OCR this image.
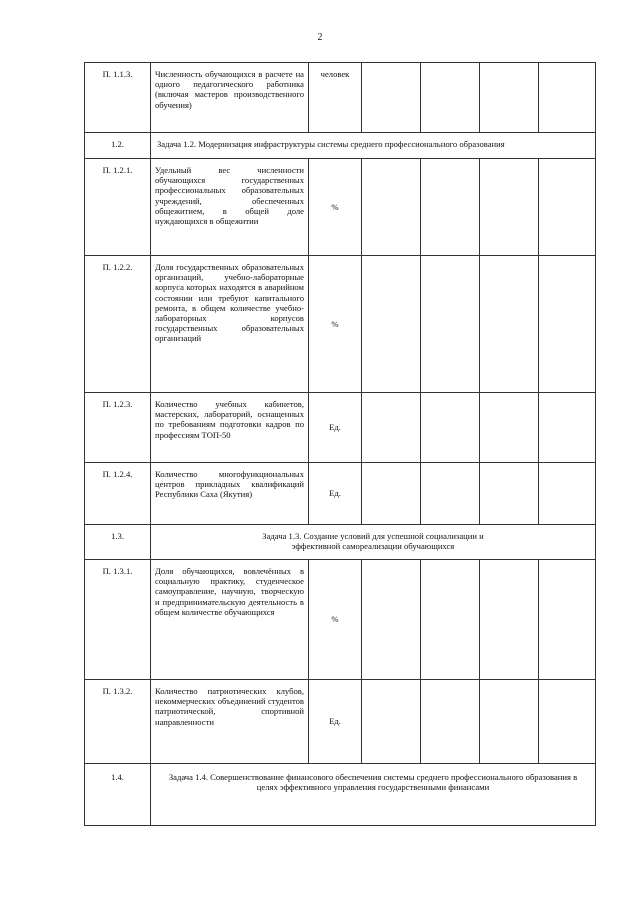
2
П. 1.1.3.	Численность обучающихся в расчете на одного педагогического работника (включая мастеров производственного обучения)	человек				
1.2.	Задача 1.2. Модернизация инфраструктуры системы среднего профессионального образования					
П. 1.2.1.	Удельный вес численности обучающихся государственных профессиональных образовательных учреждений, обеспеченных общежитием, в общей доле нуждающихся в общежитии	%				
П. 1.2.2.	Доля государственных образовательных организаций, учебно-лабораторные корпуса которых находятся в аварийном состоянии или требуют капитального ремонта, в общем количестве учебно-лабораторных корпусов государственных образовательных организаций	%				
П. 1.2.3.	Количество учебных кабинетов, мастерских, лабораторий, оснащенных по требованиям подготовки кадров по профессиям ТОП-50	Ед.				
П. 1.2.4.	Количество многофункциональных центров прикладных квалификаций Республики Саха (Якутия)	Ед.				
1.3.	Задача 1.3. Создание условий для успешной социализации и эффективной самореализации обучающихся					
П. 1.3.1.	Доля обучающихся, вовлечённых в социальную практику, студенческое самоуправление, научную, творческую и предпринимательскую деятельность в общем количестве обучающихся	%				
П. 1.3.2.	Количество патриотических клубов, некоммерческих объединений студентов патриотической, спортивной направленности	Ед.				
1.4.	Задача 1.4. Совершенствование финансового обеспечения системы среднего профессионального образования в целях эффективного управления государственными финансами					
